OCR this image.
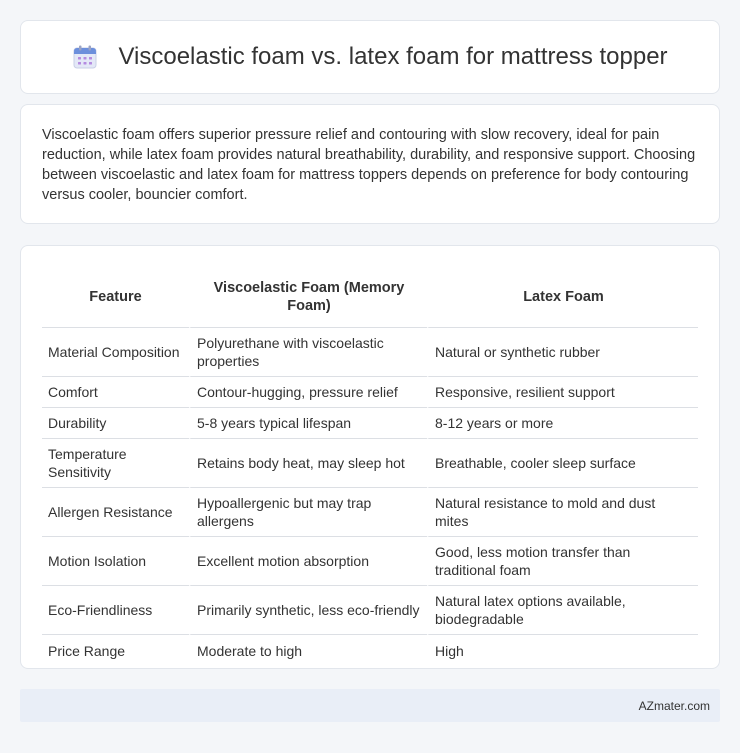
Viscoelastic foam vs. latex foam for mattress topper

Viscoelastic foam offers superior pressure relief and contouring with slow recovery, ideal for pain reduction, while latex foam provides natural breathability, durability, and responsive support. Choosing between viscoelastic and latex foam for mattress toppers depends on preference for body contouring versus cooler, bouncier comfort.

Feature	Viscoelastic Foam (Memory Foam)	Latex Foam
Material Composition	Polyurethane with viscoelastic properties	Natural or synthetic rubber
Comfort	Contour-hugging, pressure relief	Responsive, resilient support
Durability	5-8 years typical lifespan	8-12 years or more
Temperature Sensitivity	Retains body heat, may sleep hot	Breathable, cooler sleep surface
Allergen Resistance	Hypoallergenic but may trap allergens	Natural resistance to mold and dust mites
Motion Isolation	Excellent motion absorption	Good, less motion transfer than traditional foam
Eco-Friendliness	Primarily synthetic, less eco-friendly	Natural latex options available, biodegradable
Price Range	Moderate to high	High
AZmater.com
